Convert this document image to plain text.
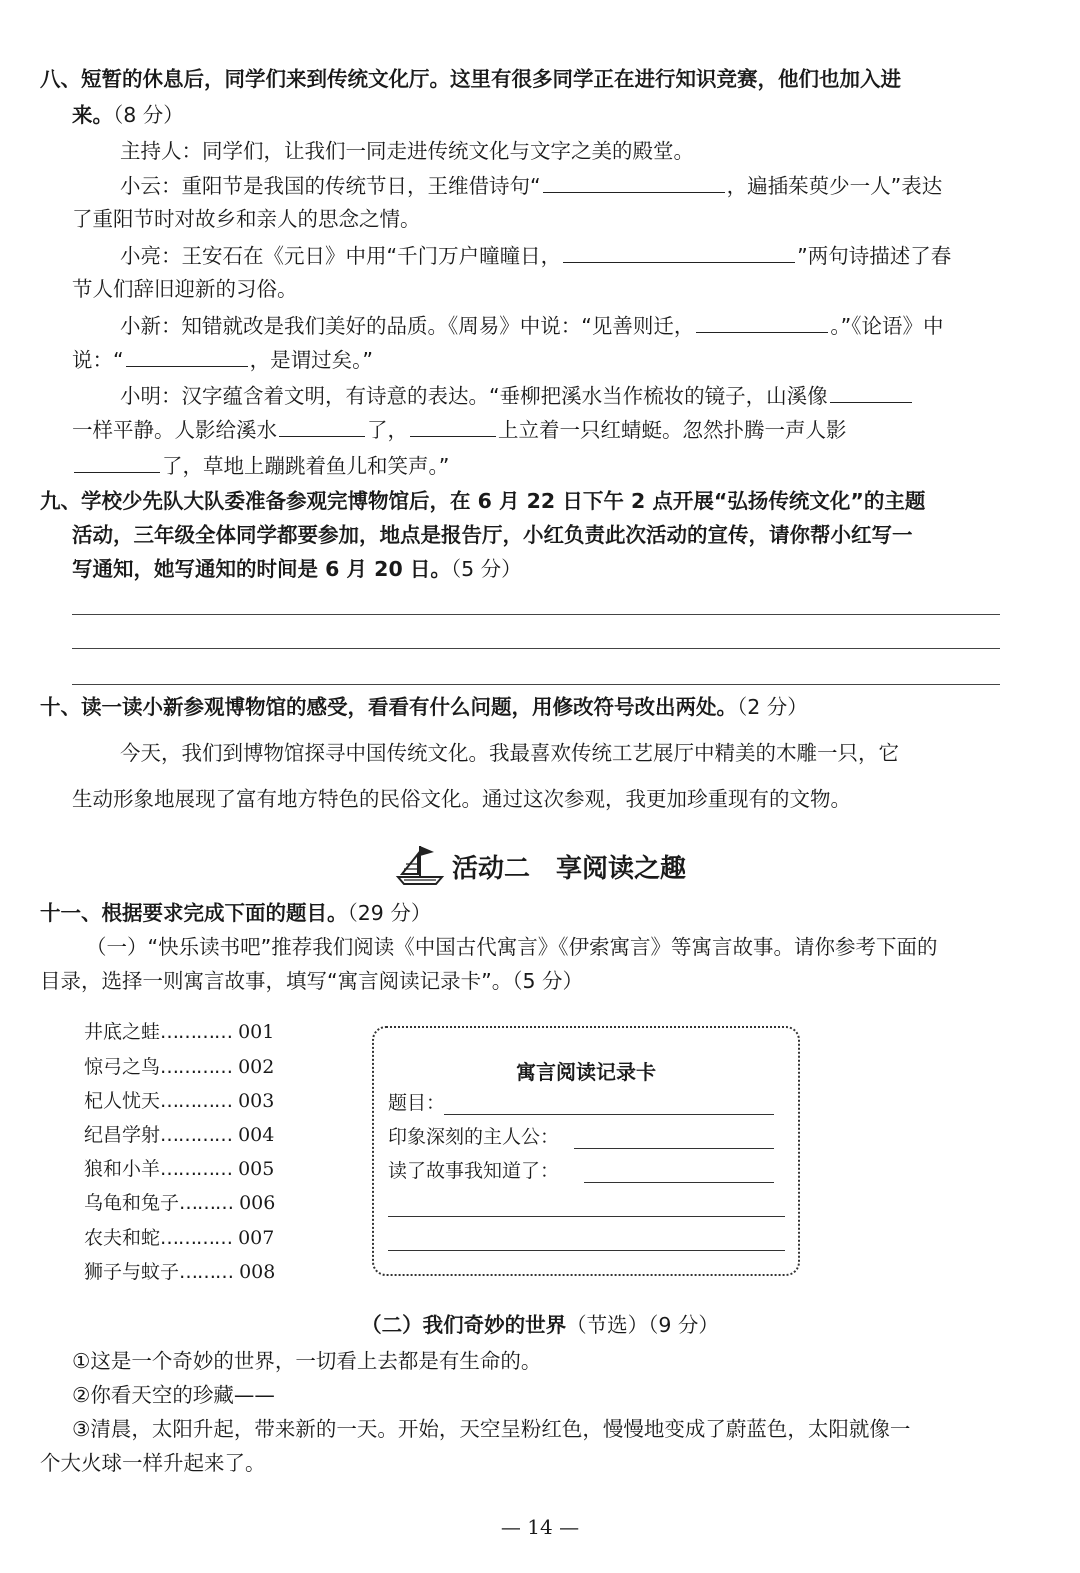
八、短暂的休息后，同学们来到传统文化厅。这里有很多同学正在进行知识竞赛，他们也加入进
来。（8 分）
主持人：同学们，让我们一同走进传统文化与文字之美的殿堂。
小云：重阳节是我国的传统节日，王维借诗句“	，遍插茱萸少一人”表达
了重阳节时对故乡和亲人的思念之情。
小亮：王安石在《元日》中用“千门万户曈曈日，	”两句诗描述了春
节人们辞旧迎新的习俗。
小新：知错就改是我们美好的品质。《周易》中说：“见善则迁，	。”《论语》中
说：“	，是谓过矣。”
小明：汉字蕴含着文明，有诗意的表达。“垂柳把溪水当作梳妆的镜子，山溪像
一样平静。人影给溪水	了，	上立着一只红蜻蜓。忽然扑腾一声人影
了，草地上蹦跳着鱼儿和笑声。”
九、学校少先队大队委准备参观完博物馆后，在 6 月 22 日下午 2 点开展“弘扬传统文化”的主题
活动，三年级全体同学都要参加，地点是报告厅，小红负责此次活动的宣传，请你帮小红写一
写通知，她写通知的时间是 6 月 20 日。（5 分）
十、读一读小新参观博物馆的感受，看看有什么问题，用修改符号改出两处。（2 分）
今天，我们到博物馆探寻中国传统文化。我最喜欢传统工艺展厅中精美的木雕一只，它
生动形象地展现了富有地方特色的民俗文化。通过这次参观，我更加珍重现有的文物。
活动二　享阅读之趣
十一、根据要求完成下面的题目。（29 分）
（一）“快乐读书吧”推荐我们阅读《中国古代寓言》《伊索寓言》等寓言故事。请你参考下面的
目录，选择一则寓言故事，填写“寓言阅读记录卡”。（5 分）
井底之蛙………… 001
惊弓之鸟………… 002
杞人忧天………… 003
纪昌学射………… 004
狼和小羊………… 005
乌龟和兔子……… 006
农夫和蛇………… 007
狮子与蚊子……… 008
寓言阅读记录卡
题目：
印象深刻的主人公：
读了故事我知道了：
（二）我们奇妙的世界（节选）（9 分）
①这是一个奇妙的世界，一切看上去都是有生命的。
②你看天空的珍藏——
③清晨，太阳升起，带来新的一天。开始，天空呈粉红色，慢慢地变成了蔚蓝色，太阳就像一
个大火球一样升起来了。
— 14 —
